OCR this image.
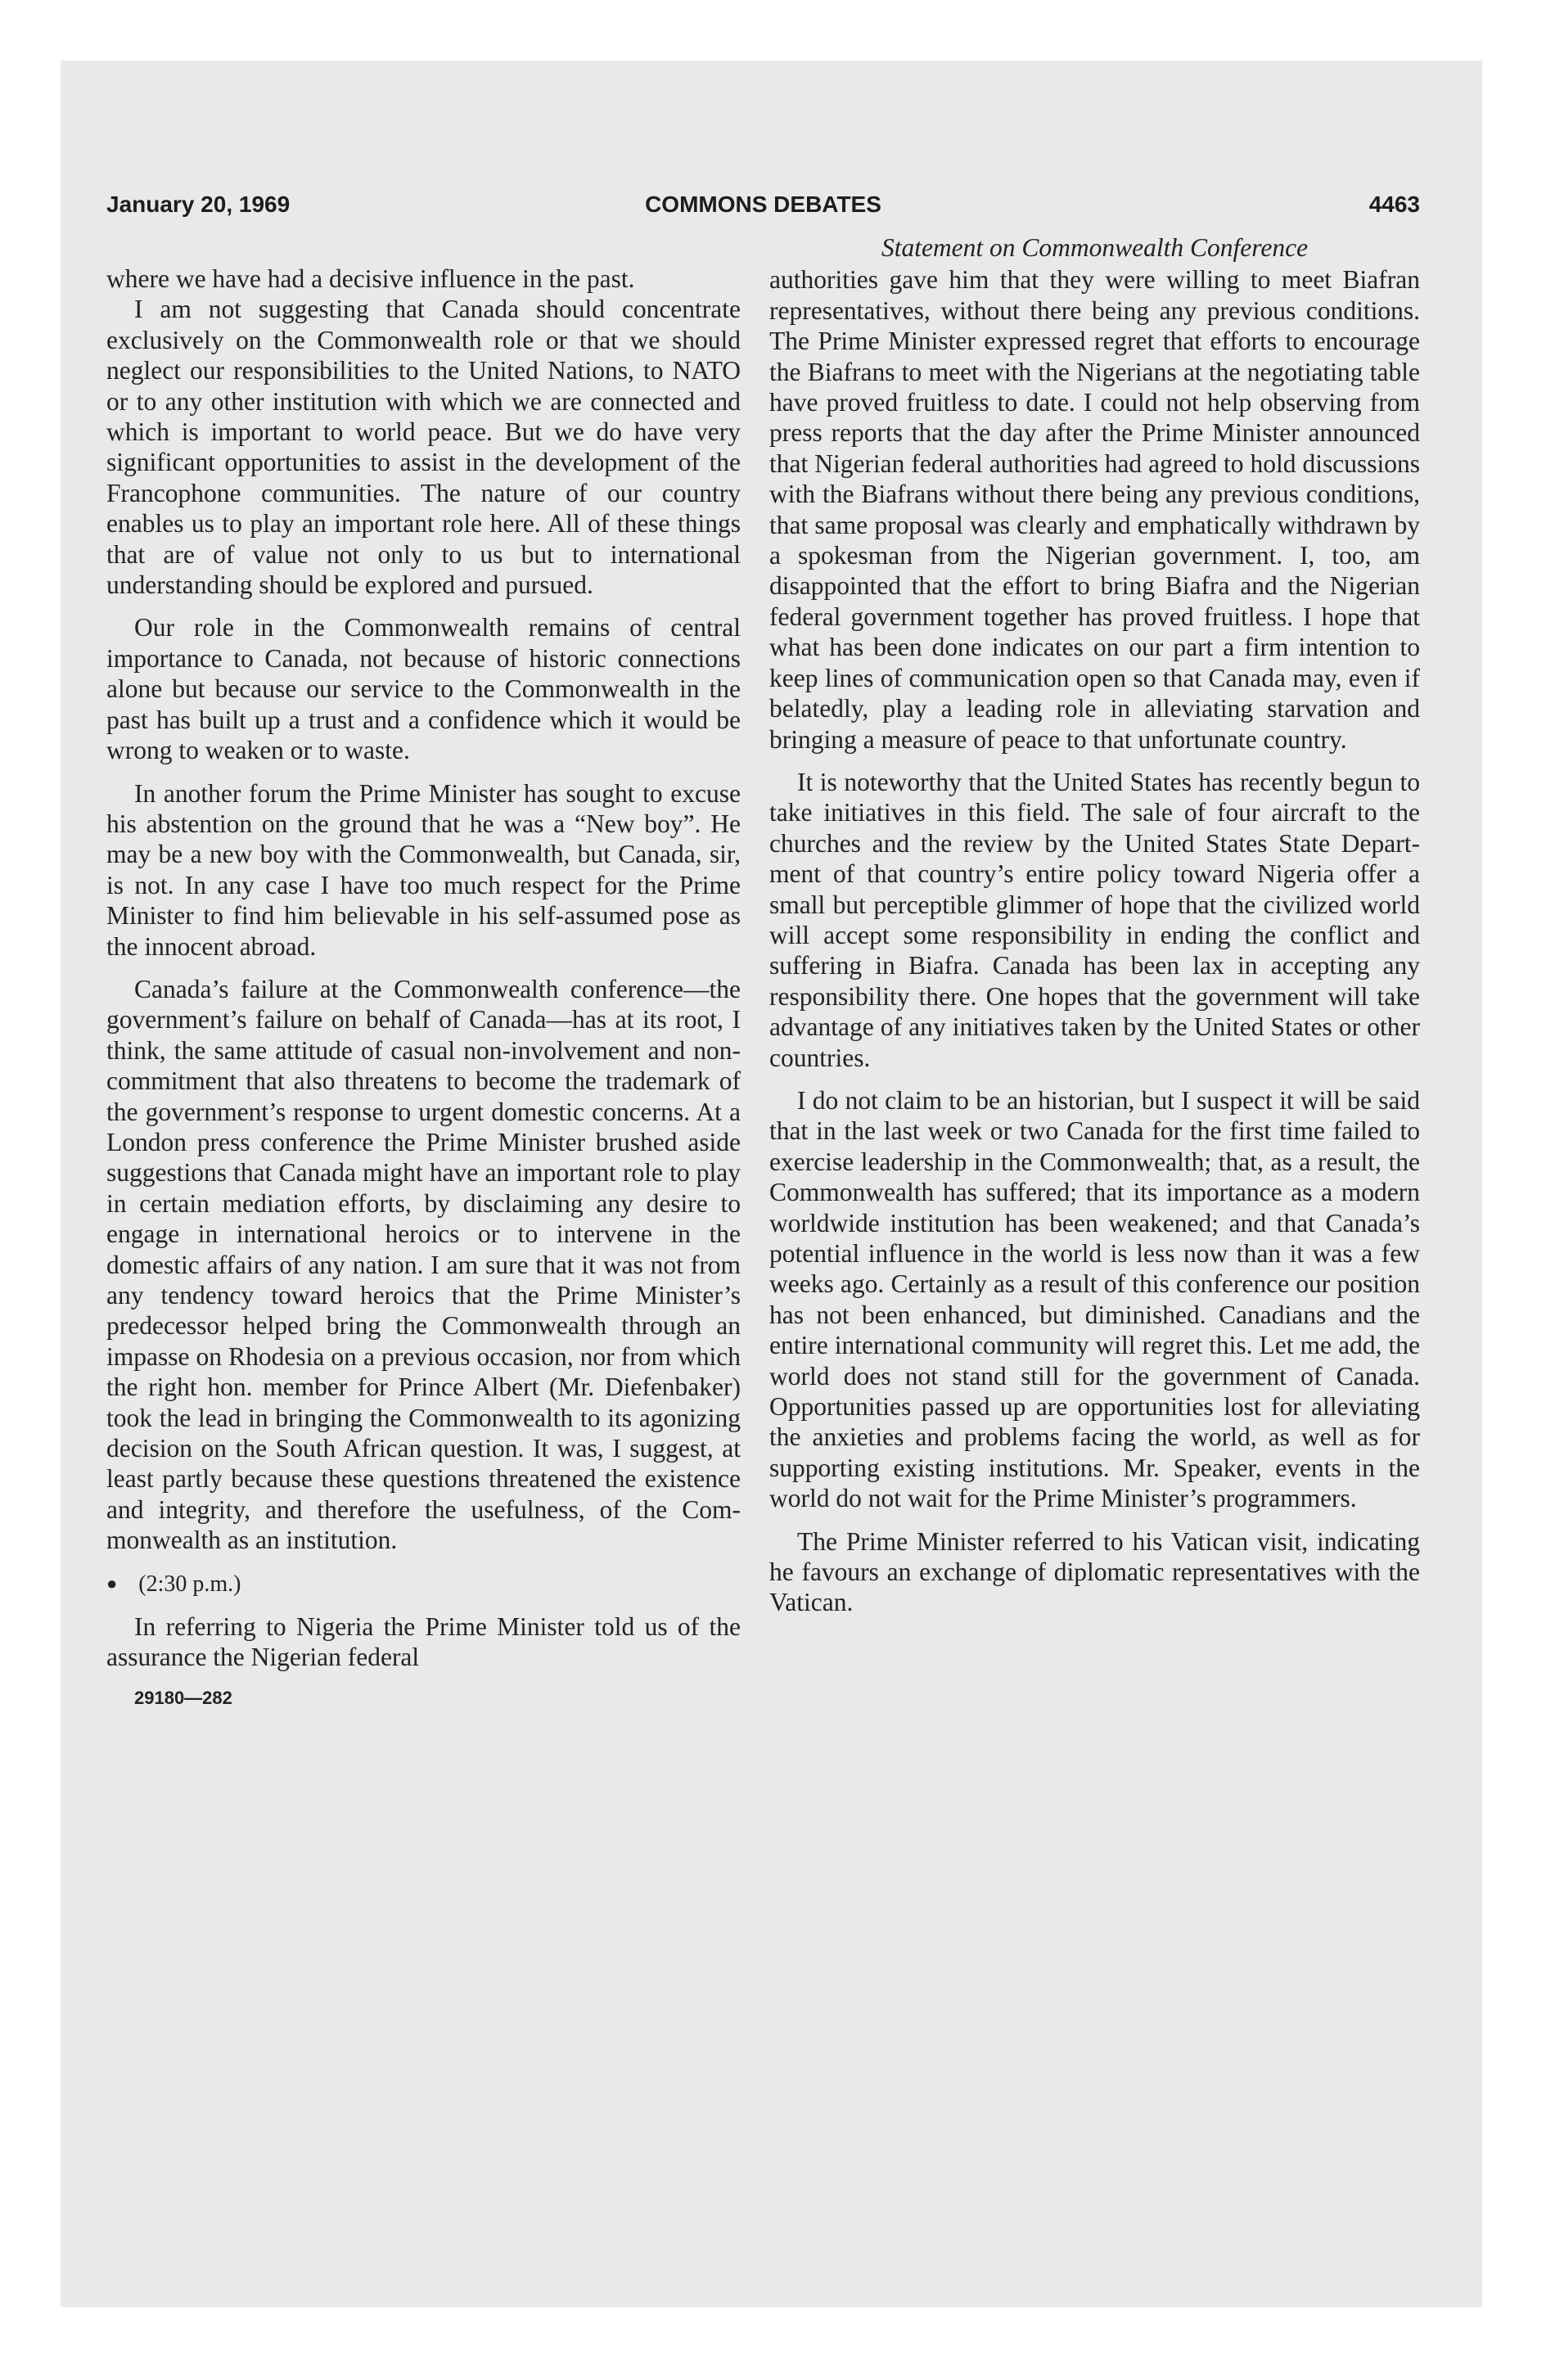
January 20, 1969	COMMONS DEBATES	4463

where we have had a decisive influence in the past.

I am not suggesting that Canada should concentrate exclusively on the Commonwealth role or that we should neglect our responsibilities to the United Nations, to NATO or to any other institution with which we are connected and which is important to world peace. But we do have very significant opportunities to assist in the development of the Francophone communities. The nature of our country enables us to play an important role here. All of these things that are of value not only to us but to international understanding should be explored and pursued.

Our role in the Commonwealth remains of central importance to Canada, not because of historic connections alone but because our service to the Commonwealth in the past has built up a trust and a confidence which it would be wrong to weaken or to waste.

In another forum the Prime Minister has sought to excuse his abstention on the ground that he was a “New boy”. He may be a new boy with the Commonwealth, but Canada, sir, is not. In any case I have too much respect for the Prime Minister to find him believable in his self-assumed pose as the innocent abroad.

Canada’s failure at the Commonwealth conference—the government’s failure on behalf of Canada—has at its root, I think, the same attitude of casual non-involvement and noncommitment that also threatens to become the trademark of the government’s response to urgent domestic concerns. At a London press conference the Prime Minister brushed aside suggestions that Canada might have an important role to play in certain mediation efforts, by disclaiming any desire to engage in international heroics or to intervene in the domestic affairs of any nation. I am sure that it was not from any tendency toward heroics that the Prime Minister’s predecessor helped bring the Commonwealth through an impasse on Rhodesia on a previous occasion, nor from which the right hon. member for Prince Albert (Mr. Diefenbaker) took the lead in bringing the Commonwealth to its agonizing decision on the South African question. It was, I suggest, at least partly because these questions threatened the existence and integrity, and therefore the usefulness, of the Commonwealth as an institution.

● (2:30 p.m.)

In referring to Nigeria the Prime Minister told us of the assurance the Nigerian federal

29180—282

Statement on Commonwealth Conference

authorities gave him that they were willing to meet Biafran representatives, without there being any previous conditions. The Prime Minister expressed regret that efforts to encourage the Biafrans to meet with the Nigerians at the negotiating table have proved fruitless to date. I could not help observing from press reports that the day after the Prime Minister announced that Nigerian federal authorities had agreed to hold discussions with the Biafrans without there being any previous conditions, that same proposal was clearly and emphatically withdrawn by a spokesman from the Nigerian government. I, too, am disappointed that the effort to bring Biafra and the Nigerian federal government together has proved fruitless. I hope that what has been done indicates on our part a firm intention to keep lines of communication open so that Canada may, even if belatedly, play a leading role in alleviating starvation and bringing a measure of peace to that unfortunate country.

It is noteworthy that the United States has recently begun to take initiatives in this field. The sale of four aircraft to the churches and the review by the United States State Department of that country’s entire policy toward Nigeria offer a small but perceptible glimmer of hope that the civilized world will accept some responsibility in ending the conflict and suffering in Biafra. Canada has been lax in accepting any responsibility there. One hopes that the government will take advantage of any initiatives taken by the United States or other countries.

I do not claim to be an historian, but I suspect it will be said that in the last week or two Canada for the first time failed to exercise leadership in the Commonwealth; that, as a result, the Commonwealth has suffered; that its importance as a modern worldwide institution has been weakened; and that Canada’s potential influence in the world is less now than it was a few weeks ago. Certainly as a result of this conference our position has not been enhanced, but diminished. Canadians and the entire international community will regret this. Let me add, the world does not stand still for the government of Canada. Opportunities passed up are opportunities lost for alleviating the anxieties and problems facing the world, as well as for supporting existing institutions. Mr. Speaker, events in the world do not wait for the Prime Minister’s programmers.

The Prime Minister referred to his Vatican visit, indicating he favours an exchange of diplomatic representatives with the Vatican.
